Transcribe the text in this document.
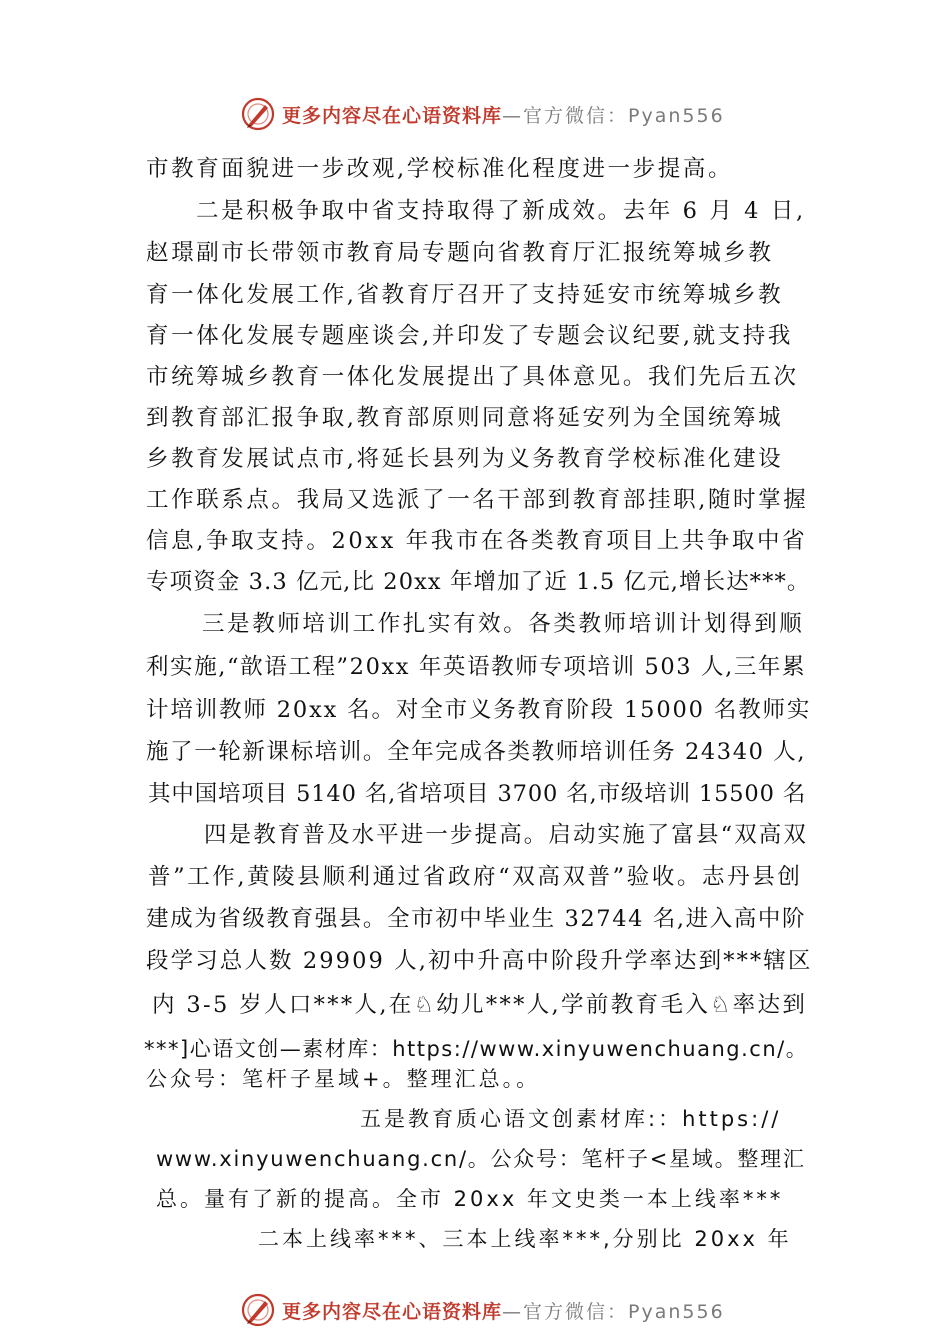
更多内容尽在心语资料库 —官方微信：Pyan556
市教育面貌进一步改观,学校标准化程度进一步提高。
二是积极争取中省支持取得了新成效。去年 6 月 4 日,
赵璟副市长带领市教育局专题向省教育厅汇报统筹城乡教
育一体化发展工作,省教育厅召开了支持延安市统筹城乡教
育一体化发展专题座谈会,并印发了专题会议纪要,就支持我
市统筹城乡教育一体化发展提出了具体意见。我们先后五次
到教育部汇报争取,教育部原则同意将延安列为全国统筹城
乡教育发展试点市,将延长县列为义务教育学校标准化建设
工作联系点。我局又选派了一名干部到教育部挂职,随时掌握
信息,争取支持。20xx 年我市在各类教育项目上共争取中省
专项资金 3.3 亿元,比 20xx 年增加了近 1.5 亿元,增长达***。
三是教师培训工作扎实有效。各类教师培训计划得到顺
利实施,“歆语工程”20xx 年英语教师专项培训 503 人,三年累
计培训教师 20xx 名。对全市义务教育阶段 15000 名教师实
施了一轮新课标培训。全年完成各类教师培训任务 24340 人,
其中国培项目 5140 名,省培项目 3700 名,市级培训 15500 名
四是教育普及水平进一步提高。启动实施了富县“双高双
普”工作,黄陵县顺利通过省政府“双高双普”验收。志丹县创
建成为省级教育强县。全市初中毕业生 32744 名,进入高中阶
段学习总人数 29909 人,初中升高中阶段升学率达到***辖区
内 3-5 岁人口***人,在♘幼儿***人,学前教育毛入♘率达到
***]心语文创—素材库：https://www.xinyuwenchuang.cn/。
公众号：笔杆子星域+。整理汇总。。
五是教育质心语文创素材库:：https://
www.xinyuwenchuang.cn/。公众号：笔杆子<星域。整理汇
总。量有了新的提高。全市 20xx 年文史类一本上线率***
二本上线率***、三本上线率***,分别比 20xx 年
更多内容尽在心语资料库 —官方微信：Pyan556
